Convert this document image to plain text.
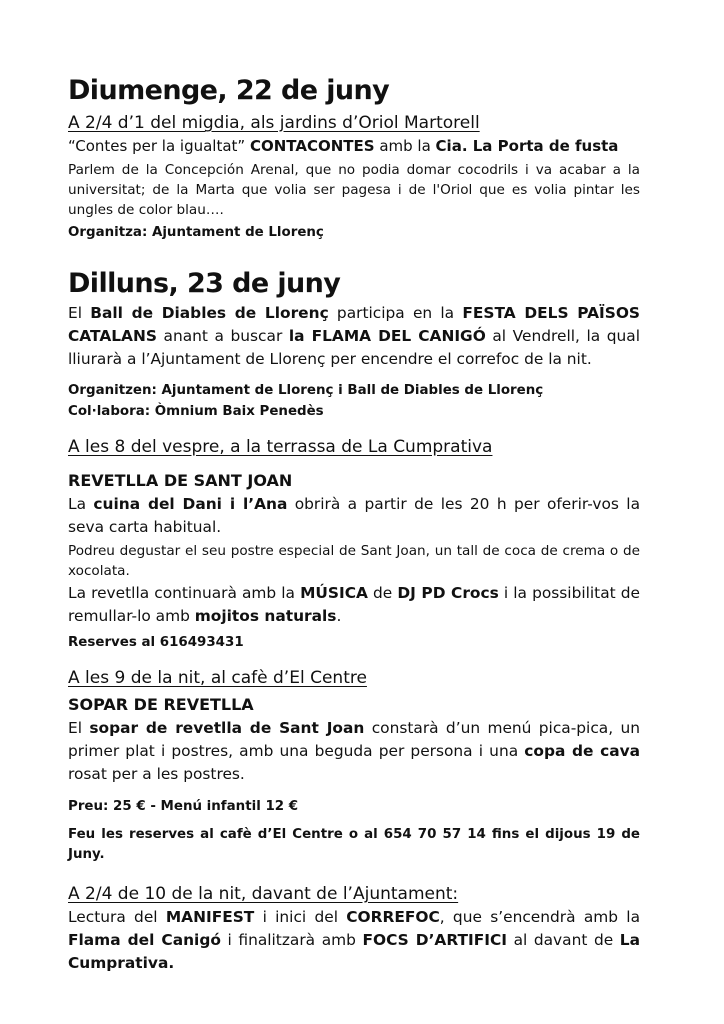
Diumenge, 22 de juny

A 2/4 d’1 del migdia, als jardins d’Oriol Martorell

“Contes per la igualtat” CONTACONTES amb la Cia. La Porta de fusta

Parlem de la Concepción Arenal, que no podia domar cocodrils i va acabar a la universitat; de la Marta que volia ser pagesa i de l'Oriol que es volia pintar les ungles de color blau….

Organitza: Ajuntament de Llorenç

Dilluns, 23 de juny

El Ball de Diables de Llorenç participa en la FESTA DELS PAÏSOS CATALANS anant a buscar la FLAMA DEL CANIGÓ al Vendrell, la qual lliurarà a l’Ajuntament de Llorenç per encendre el correfoc de la nit.

Organitzen: Ajuntament de Llorenç i Ball de Diables de Llorenç

Col·labora: Òmnium Baix Penedès

A les 8 del vespre, a la terrassa de La Cumprativa

REVETLLA DE SANT JOAN

La cuina del Dani i l’Ana obrirà a partir de les 20 h per oferir-vos la seva carta habitual.

Podreu degustar el seu postre especial de Sant Joan, un tall de coca de crema o de xocolata.

La revetlla continuarà amb la MÚSICA de DJ PD Crocs i la possibilitat de remullar-lo amb mojitos naturals.

Reserves al 616493431

A les 9 de la nit, al cafè d’El Centre

SOPAR DE REVETLLA

El sopar de revetlla de Sant Joan constarà d’un menú pica-pica, un primer plat i postres, amb una beguda per persona i una copa de cava rosat per a les postres.

Preu: 25 € - Menú infantil 12 €

Feu les reserves al cafè d’El Centre o al 654 70 57 14 fins el dijous 19 de Juny.

A 2/4 de 10 de la nit, davant de l’Ajuntament:

Lectura del MANIFEST i inici del CORREFOC, que s’encendrà amb la Flama del Canigó i finalitzarà amb FOCS D’ARTIFICI al davant de La Cumprativa.
